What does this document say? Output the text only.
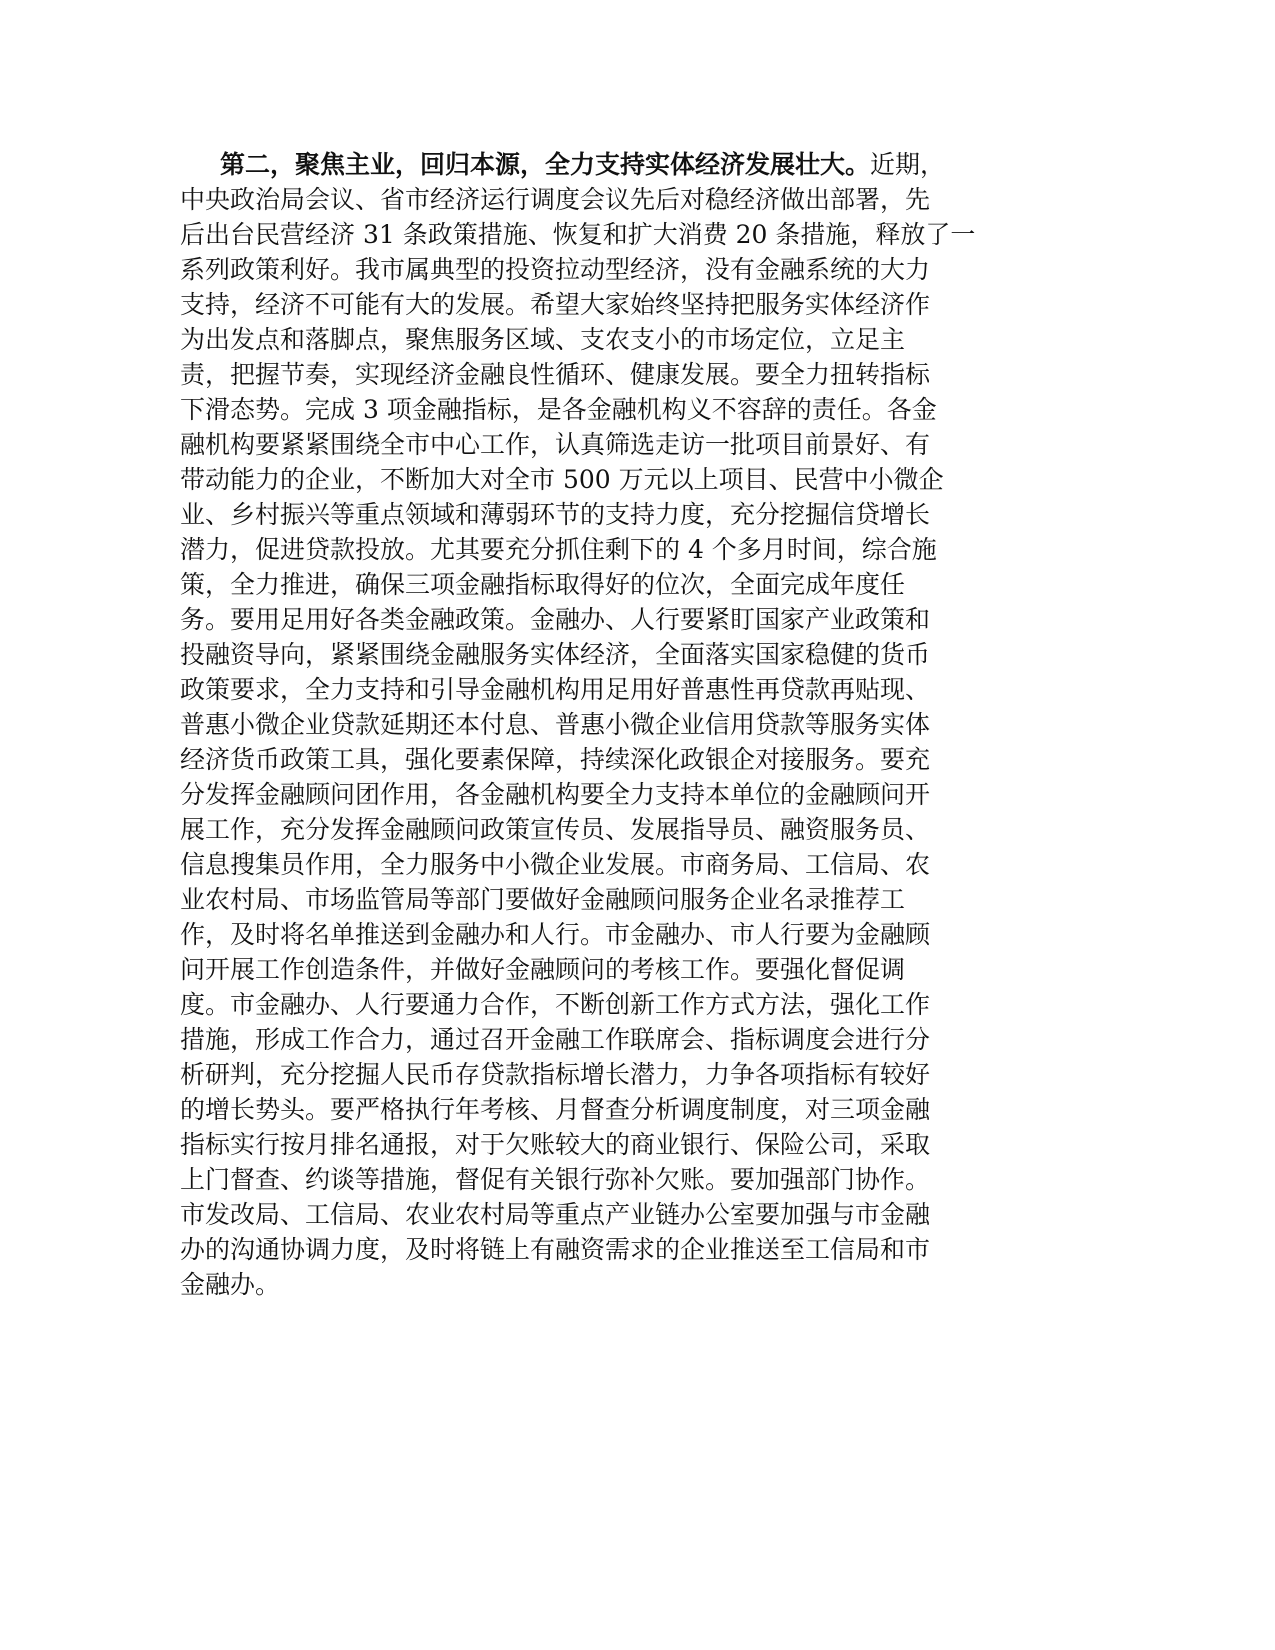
第二，聚焦主业，回归本源，全力支持实体经济发展壮大。近期，
中央政治局会议、省市经济运行调度会议先后对稳经济做出部署，先
后出台民营经济 31 条政策措施、恢复和扩大消费 20 条措施，释放了一
系列政策利好。我市属典型的投资拉动型经济，没有金融系统的大力
支持，经济不可能有大的发展。希望大家始终坚持把服务实体经济作
为出发点和落脚点，聚焦服务区域、支农支小的市场定位，立足主
责，把握节奏，实现经济金融良性循环、健康发展。要全力扭转指标
下滑态势。完成 3 项金融指标，是各金融机构义不容辞的责任。各金
融机构要紧紧围绕全市中心工作，认真筛选走访一批项目前景好、有
带动能力的企业，不断加大对全市 500 万元以上项目、民营中小微企
业、乡村振兴等重点领域和薄弱环节的支持力度，充分挖掘信贷增长
潜力，促进贷款投放。尤其要充分抓住剩下的 4 个多月时间，综合施
策，全力推进，确保三项金融指标取得好的位次，全面完成年度任
务。要用足用好各类金融政策。金融办、人行要紧盯国家产业政策和
投融资导向，紧紧围绕金融服务实体经济，全面落实国家稳健的货币
政策要求，全力支持和引导金融机构用足用好普惠性再贷款再贴现、
普惠小微企业贷款延期还本付息、普惠小微企业信用贷款等服务实体
经济货币政策工具，强化要素保障，持续深化政银企对接服务。要充
分发挥金融顾问团作用，各金融机构要全力支持本单位的金融顾问开
展工作，充分发挥金融顾问政策宣传员、发展指导员、融资服务员、
信息搜集员作用，全力服务中小微企业发展。市商务局、工信局、农
业农村局、市场监管局等部门要做好金融顾问服务企业名录推荐工
作，及时将名单推送到金融办和人行。市金融办、市人行要为金融顾
问开展工作创造条件，并做好金融顾问的考核工作。要强化督促调
度。市金融办、人行要通力合作，不断创新工作方式方法，强化工作
措施，形成工作合力，通过召开金融工作联席会、指标调度会进行分
析研判，充分挖掘人民币存贷款指标增长潜力，力争各项指标有较好
的增长势头。要严格执行年考核、月督查分析调度制度，对三项金融
指标实行按月排名通报，对于欠账较大的商业银行、保险公司，采取
上门督查、约谈等措施，督促有关银行弥补欠账。要加强部门协作。
市发改局、工信局、农业农村局等重点产业链办公室要加强与市金融
办的沟通协调力度，及时将链上有融资需求的企业推送至工信局和市
金融办。
